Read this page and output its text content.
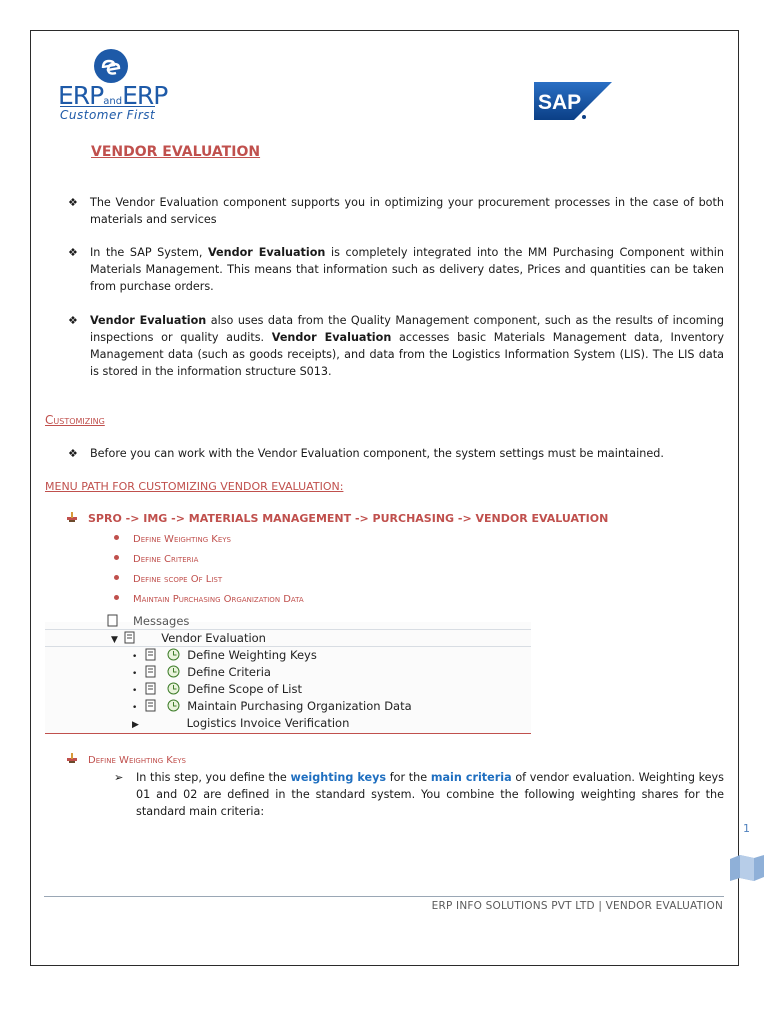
ERPandERP
Customer First
SAP
VENDOR EVALUATION
❖ The Vendor Evaluation component supports you in optimizing your procurement processes in the case of both materials and services
❖ In the SAP System, Vendor Evaluation is completely integrated into the MM Purchasing Component within Materials Management. This means that information such as delivery dates, Prices and quantities can be taken from purchase orders.
❖ Vendor Evaluation also uses data from the Quality Management component, such as the results of incoming inspections or quality audits. Vendor Evaluation accesses basic Materials Management data, Inventory Management data (such as goods receipts), and data from the Logistics Information System (LIS). The LIS data is stored in the information structure S013.
Customizing
❖ Before you can work with the Vendor Evaluation component, the system settings must be maintained.
MENU PATH FOR CUSTOMIZING VENDOR EVALUATION:
SPRO -> IMG -> MATERIALS MANAGEMENT -> PURCHASING -> VENDOR EVALUATION
Define Weighting Keys
Define Criteria
Define scope Of List
Maintain Purchasing Organization Data
Messages
▼	Vendor Evaluation
•	Define Weighting Keys
•	Define Criteria
•	Define Scope of List
•	Maintain Purchasing Organization Data
▶	Logistics Invoice Verification
Define Weighting Keys
➢ In this step, you define the weighting keys for the main criteria of vendor evaluation. Weighting keys 01 and 02 are defined in the standard system. You combine the following weighting shares for the standard main criteria:
1
ERP INFO SOLUTIONS PVT LTD | VENDOR EVALUATION
